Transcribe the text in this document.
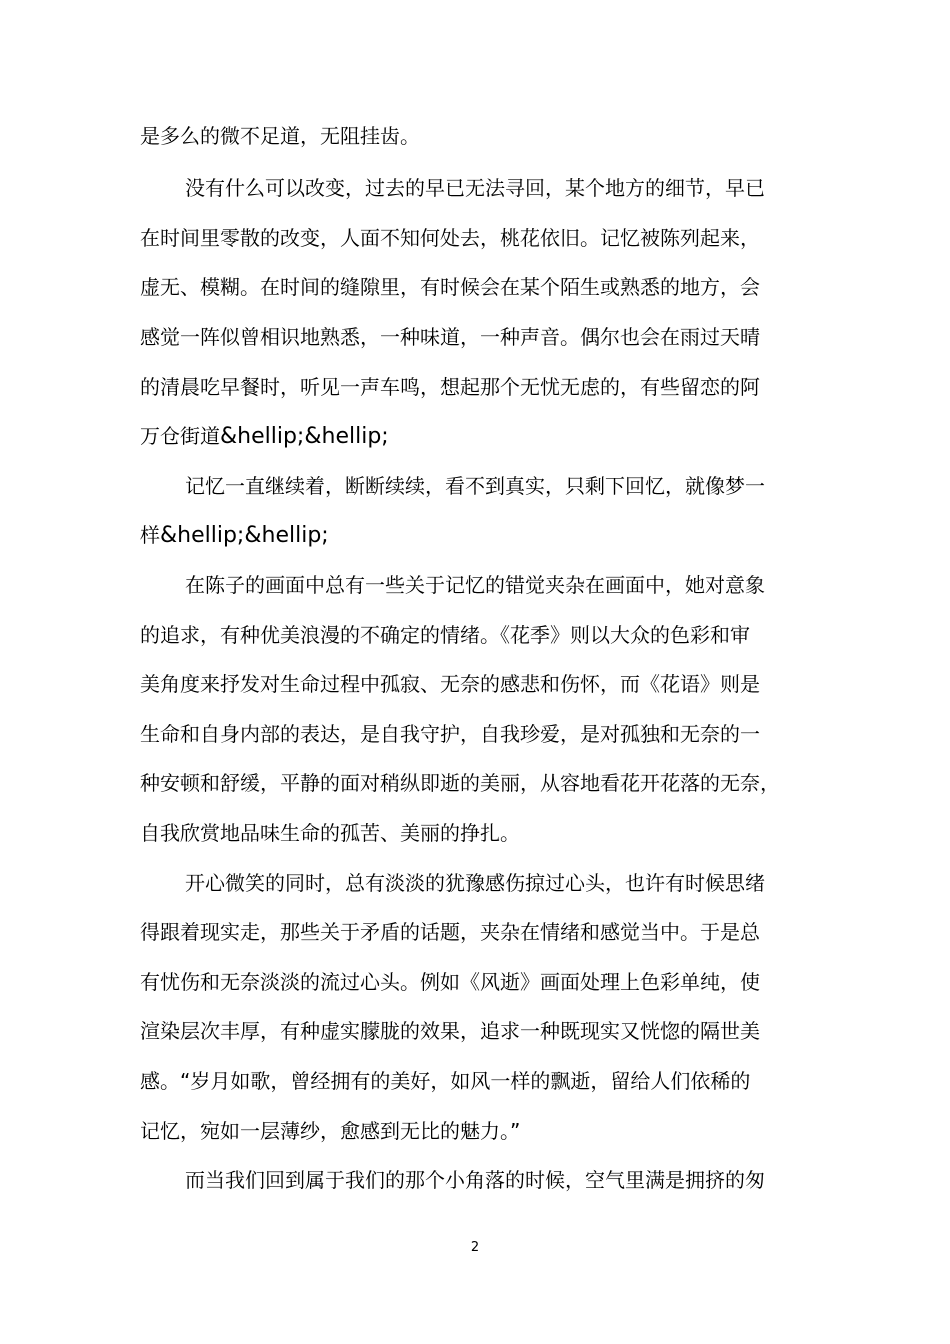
是多么的微不足道，无阻挂齿。
没有什么可以改变，过去的早已无法寻回，某个地方的细节，早已
在时间里零散的改变，人面不知何处去，桃花依旧。记忆被陈列起来，
虚无、模糊。在时间的缝隙里，有时候会在某个陌生或熟悉的地方，会
感觉一阵似曾相识地熟悉，一种味道，一种声音。偶尔也会在雨过天晴
的清晨吃早餐时，听见一声车鸣，想起那个无忧无虑的，有些留恋的阿
万仓街道&hellip;&hellip;
记忆一直继续着，断断续续，看不到真实，只剩下回忆，就像梦一
样&hellip;&hellip;
在陈子的画面中总有一些关于记忆的错觉夹杂在画面中，她对意象
的追求，有种优美浪漫的不确定的情绪。《花季》则以大众的色彩和审
美角度来抒发对生命过程中孤寂、无奈的感悲和伤怀，而《花语》则是
生命和自身内部的表达，是自我守护，自我珍爱，是对孤独和无奈的一
种安顿和舒缓，平静的面对稍纵即逝的美丽，从容地看花开花落的无奈，
自我欣赏地品味生命的孤苦、美丽的挣扎。
开心微笑的同时，总有淡淡的犹豫感伤掠过心头，也许有时候思绪
得跟着现实走，那些关于矛盾的话题，夹杂在情绪和感觉当中。于是总
有忧伤和无奈淡淡的流过心头。例如《风逝》画面处理上色彩单纯，使
渲染层次丰厚，有种虚实朦胧的效果，追求一种既现实又恍惚的隔世美
感。“岁月如歌，曾经拥有的美好，如风一样的飘逝，留给人们依稀的
记忆，宛如一层薄纱，愈感到无比的魅力。”
而当我们回到属于我们的那个小角落的时候，空气里满是拥挤的匆
2
